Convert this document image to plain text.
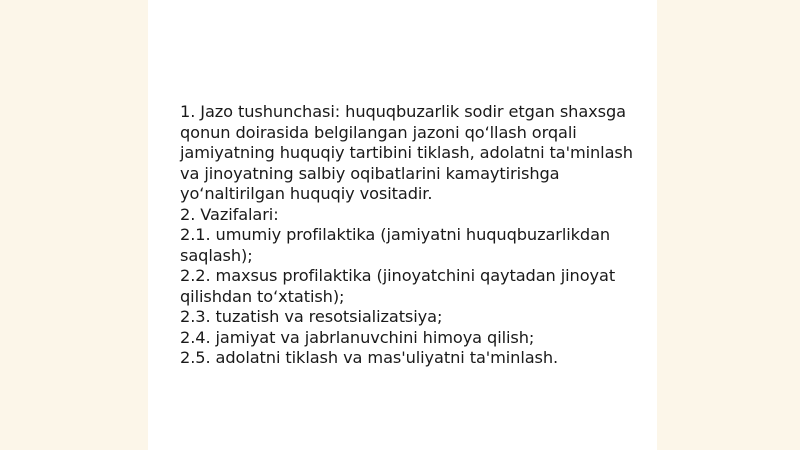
1. Jazo tushunchasi: huquqbuzarlik sodir etgan shaxsga qonun doirasida belgilangan jazoni qo‘llash orqali jamiyatning huquqiy tartibini tiklash, adolatni ta'minlash va jinoyatning salbiy oqibatlarini kamaytirishga yo‘naltirilgan huquqiy vositadir.

2. Vazifalari:

2.1. umumiy profilaktika (jamiyatni huquqbuzarlikdan saqlash);

2.2. maxsus profilaktika (jinoyatchini qaytadan jinoyat qilishdan to‘xtatish);

2.3. tuzatish va resotsializatsiya;

2.4. jamiyat va jabrlanuvchini himoya qilish;

2.5. adolatni tiklash va mas'uliyatni ta'minlash.
